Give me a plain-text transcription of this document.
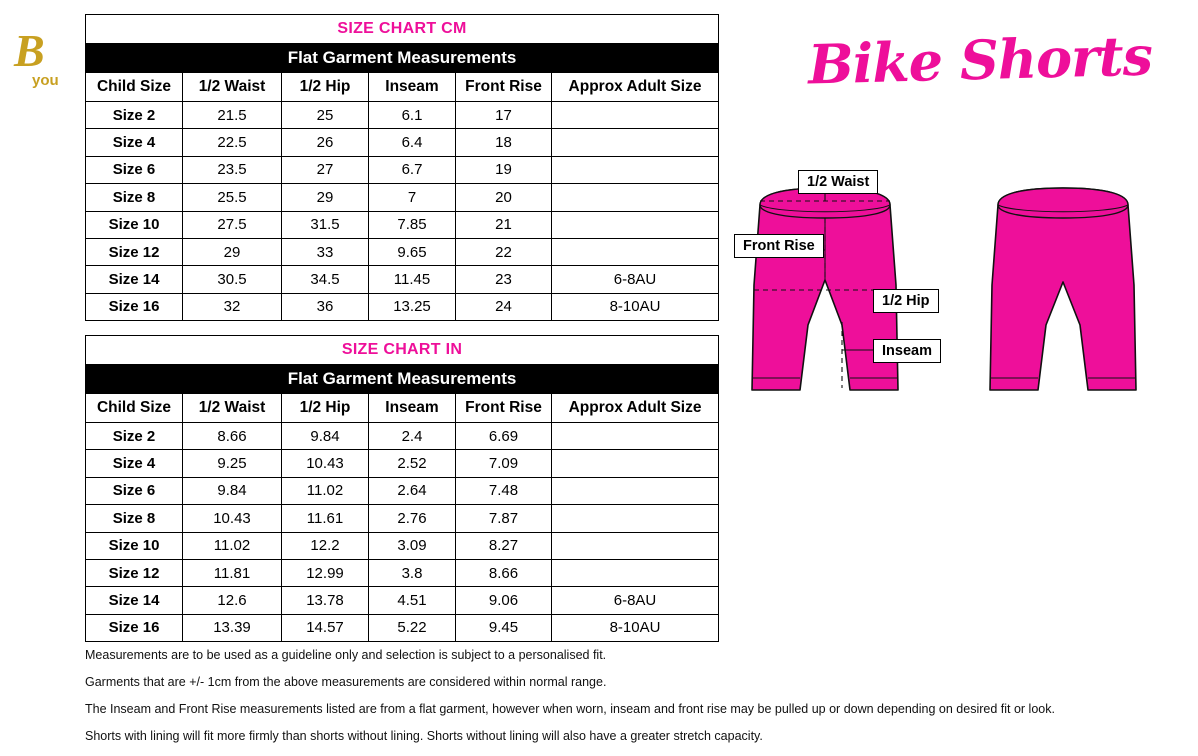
B
you
SIZE CHART CM					
Flat Garment Measurements					
Child Size	1/2 Waist	1/2 Hip	Inseam	Front Rise	Approx Adult Size
Size 2	21.5	25	6.1	17	
Size 4	22.5	26	6.4	18	
Size 6	23.5	27	6.7	19	
Size 8	25.5	29	7	20	
Size 10	27.5	31.5	7.85	21	
Size 12	29	33	9.65	22	
Size 14	30.5	34.5	11.45	23	6-8AU
Size 16	32	36	13.25	24	8-10AU
SIZE CHART IN					
Flat Garment Measurements					
Child Size	1/2 Waist	1/2 Hip	Inseam	Front Rise	Approx Adult Size
Size 2	8.66	9.84	2.4	6.69	
Size 4	9.25	10.43	2.52	7.09	
Size 6	9.84	11.02	2.64	7.48	
Size 8	10.43	11.61	2.76	7.87	
Size 10	11.02	12.2	3.09	8.27	
Size 12	11.81	12.99	3.8	8.66	
Size 14	12.6	13.78	4.51	9.06	6-8AU
Size 16	13.39	14.57	5.22	9.45	8-10AU
Bike Shorts
1/2 Waist
Front Rise
1/2 Hip
Inseam

Measurements are to be used as a guideline only and selection is subject to a personalised fit.

Garments that are +/- 1cm from the above measurements are considered within normal range.

The Inseam and Front Rise measurements listed are from a flat garment, however when worn, inseam and front rise may be pulled up or down depending on desired fit or look.

Shorts with lining will fit more firmly than shorts without lining. Shorts without lining will also have a greater stretch capacity.
